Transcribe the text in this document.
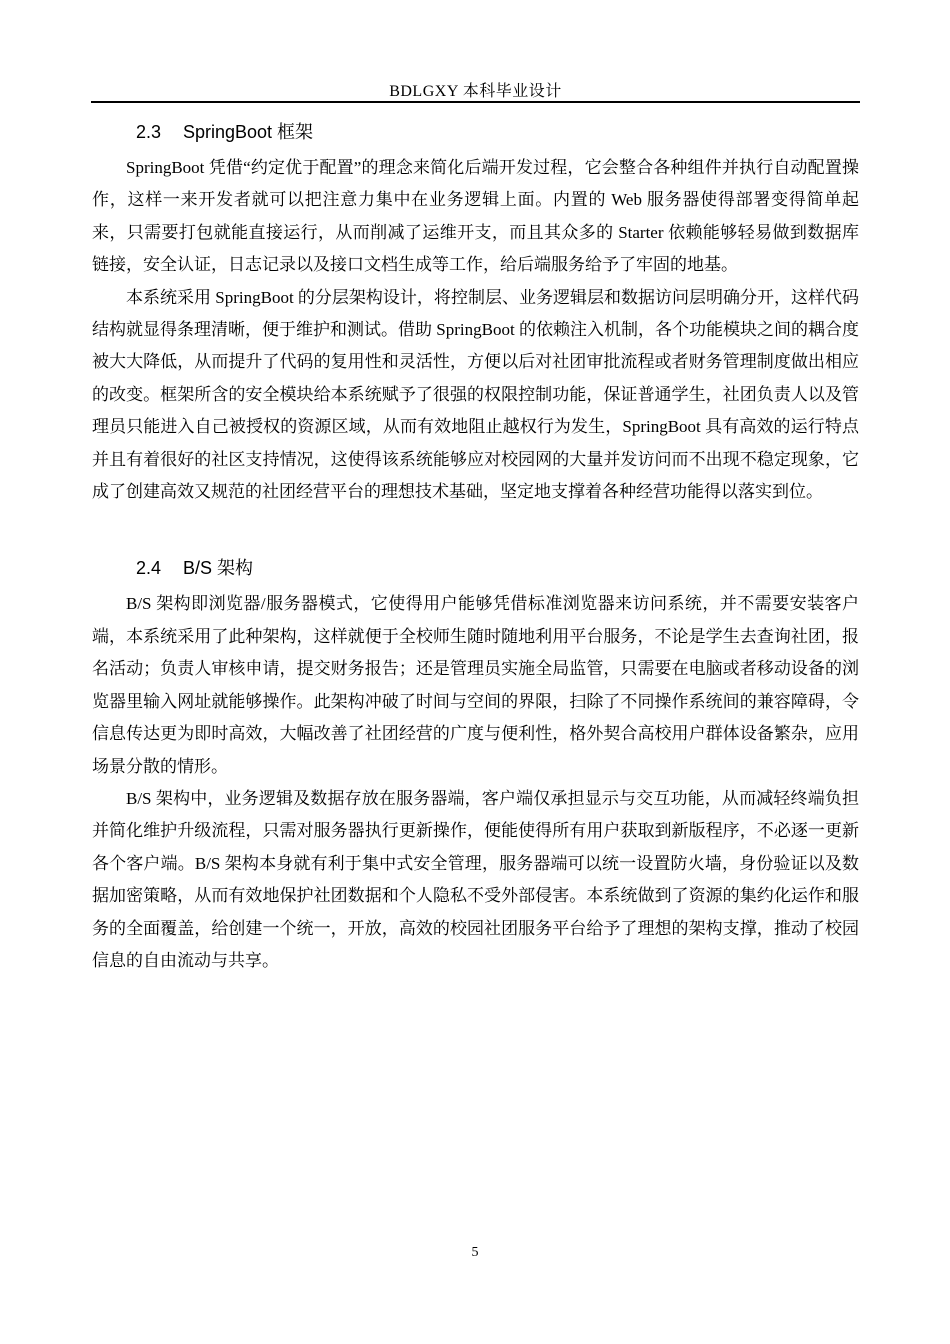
BDLGXY 本科毕业设计
2.3 SpringBoot 框架

SpringBoot 凭借“约定优于配置”的理念来简化后端开发过程，它会整合各种组件并执行自动配置操作，这样一来开发者就可以把注意力集中在业务逻辑上面。内置的 Web 服务器使得部署变得简单起来，只需要打包就能直接运行，从而削减了运维开支，而且其众多的 Starter 依赖能够轻易做到数据库链接，安全认证，日志记录以及接口文档生成等工作，给后端服务给予了牢固的地基。

本系统采用 SpringBoot 的分层架构设计，将控制层、业务逻辑层和数据访问层明确分开，这样代码结构就显得条理清晰，便于维护和测试。借助 SpringBoot 的依赖注入机制，各个功能模块之间的耦合度被大大降低，从而提升了代码的复用性和灵活性，方便以后对社团审批流程或者财务管理制度做出相应的改变。框架所含的安全模块给本系统赋予了很强的权限控制功能，保证普通学生，社团负责人以及管理员只能进入自己被授权的资源区域，从而有效地阻止越权行为发生，SpringBoot 具有高效的运行特点并且有着很好的社区支持情况，这使得该系统能够应对校园网的大量并发访问而不出现不稳定现象，它成了创建高效又规范的社团经营平台的理想技术基础，坚定地支撑着各种经营功能得以落实到位。

2.4 B/S 架构

B/S 架构即浏览器/服务器模式，它使得用户能够凭借标准浏览器来访问系统，并不需要安装客户端，本系统采用了此种架构，这样就便于全校师生随时随地利用平台服务，不论是学生去查询社团，报名活动；负责人审核申请，提交财务报告；还是管理员实施全局监管，只需要在电脑或者移动设备的浏览器里输入网址就能够操作。此架构冲破了时间与空间的界限，扫除了不同操作系统间的兼容障碍，令信息传达更为即时高效，大幅改善了社团经营的广度与便利性，格外契合高校用户群体设备繁杂，应用场景分散的情形。

B/S 架构中，业务逻辑及数据存放在服务器端，客户端仅承担显示与交互功能，从而减轻终端负担并简化维护升级流程，只需对服务器执行更新操作，便能使得所有用户获取到新版程序，不必逐一更新各个客户端。B/S 架构本身就有利于集中式安全管理，服务器端可以统一设置防火墙，身份验证以及数据加密策略，从而有效地保护社团数据和个人隐私不受外部侵害。本系统做到了资源的集约化运作和服务的全面覆盖，给创建一个统一，开放，高效的校园社团服务平台给予了理想的架构支撑，推动了校园信息的自由流动与共享。

5
